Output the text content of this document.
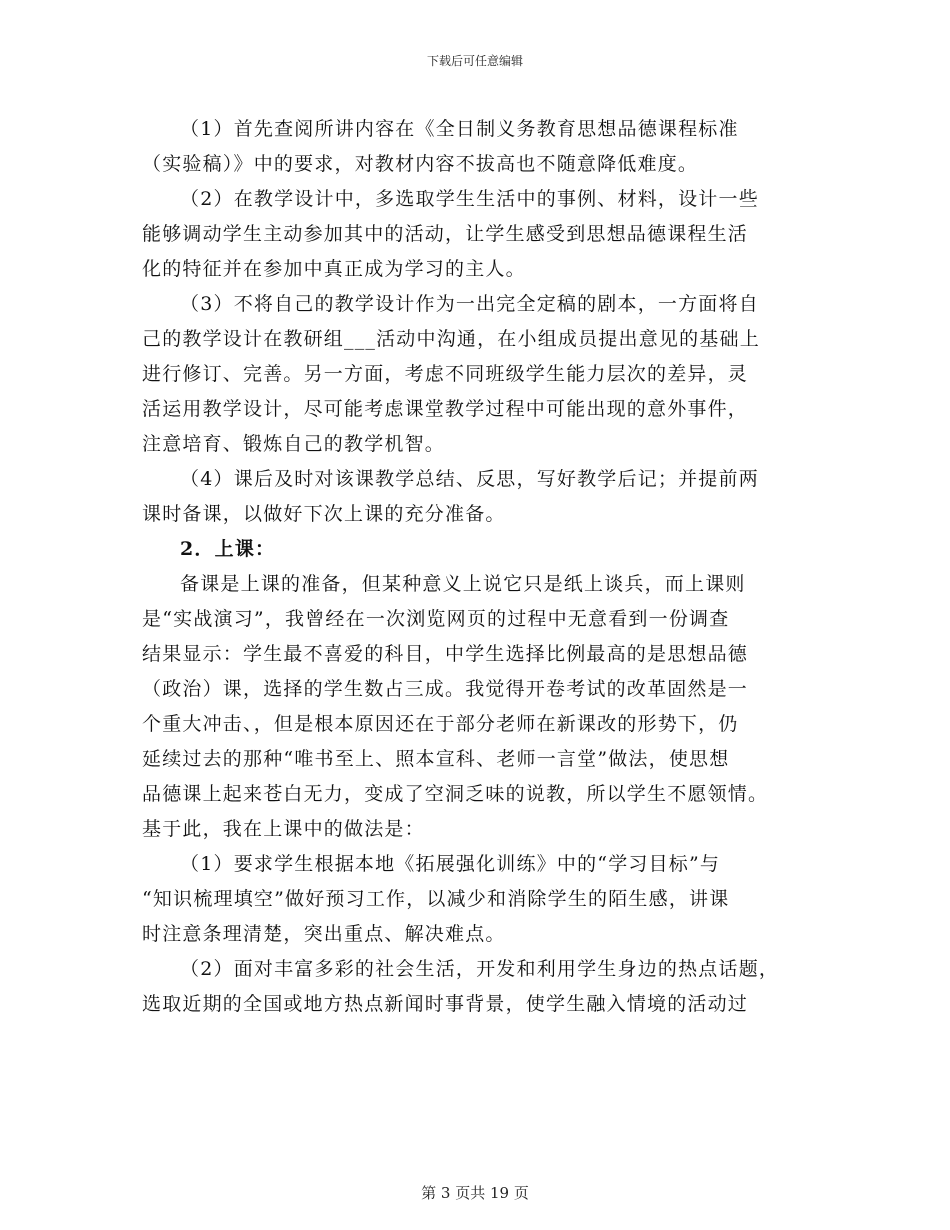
下载后可任意编辑
（1）首先查阅所讲内容在《全日制义务教育思想品德课程标准
（实验稿）》中的要求，对教材内容不拔高也不随意降低难度。
（2）在教学设计中，多选取学生生活中的事例、材料，设计一些
能够调动学生主动参加其中的活动，让学生感受到思想品德课程生活
化的特征并在参加中真正成为学习的主人。
（3）不将自己的教学设计作为一出完全定稿的剧本，一方面将自
己的教学设计在教研组___活动中沟通，在小组成员提出意见的基础上
进行修订、完善。另一方面，考虑不同班级学生能力层次的差异，灵
活运用教学设计，尽可能考虑课堂教学过程中可能出现的意外事件，
注意培育、锻炼自己的教学机智。
（4）课后及时对该课教学总结、反思，写好教学后记；并提前两
课时备课，以做好下次上课的充分准备。
2．上课：
备课是上课的准备，但某种意义上说它只是纸上谈兵，而上课则
是“实战演习”，我曾经在一次浏览网页的过程中无意看到一份调查
结果显示：学生最不喜爱的科目，中学生选择比例最高的是思想品德
（政治）课，选择的学生数占三成。我觉得开卷考试的改革固然是一
个重大冲击、，但是根本原因还在于部分老师在新课改的形势下，仍
延续过去的那种“唯书至上、照本宣科、老师一言堂”做法，使思想
品德课上起来苍白无力，变成了空洞乏味的说教，所以学生不愿领情。
基于此，我在上课中的做法是：
（1）要求学生根据本地《拓展强化训练》中的“学习目标”与
“知识梳理填空”做好预习工作，以减少和消除学生的陌生感，讲课
时注意条理清楚，突出重点、解决难点。
（2）面对丰富多彩的社会生活，开发和利用学生身边的热点话题，
选取近期的全国或地方热点新闻时事背景，使学生融入情境的活动过
第 3 页共 19 页
